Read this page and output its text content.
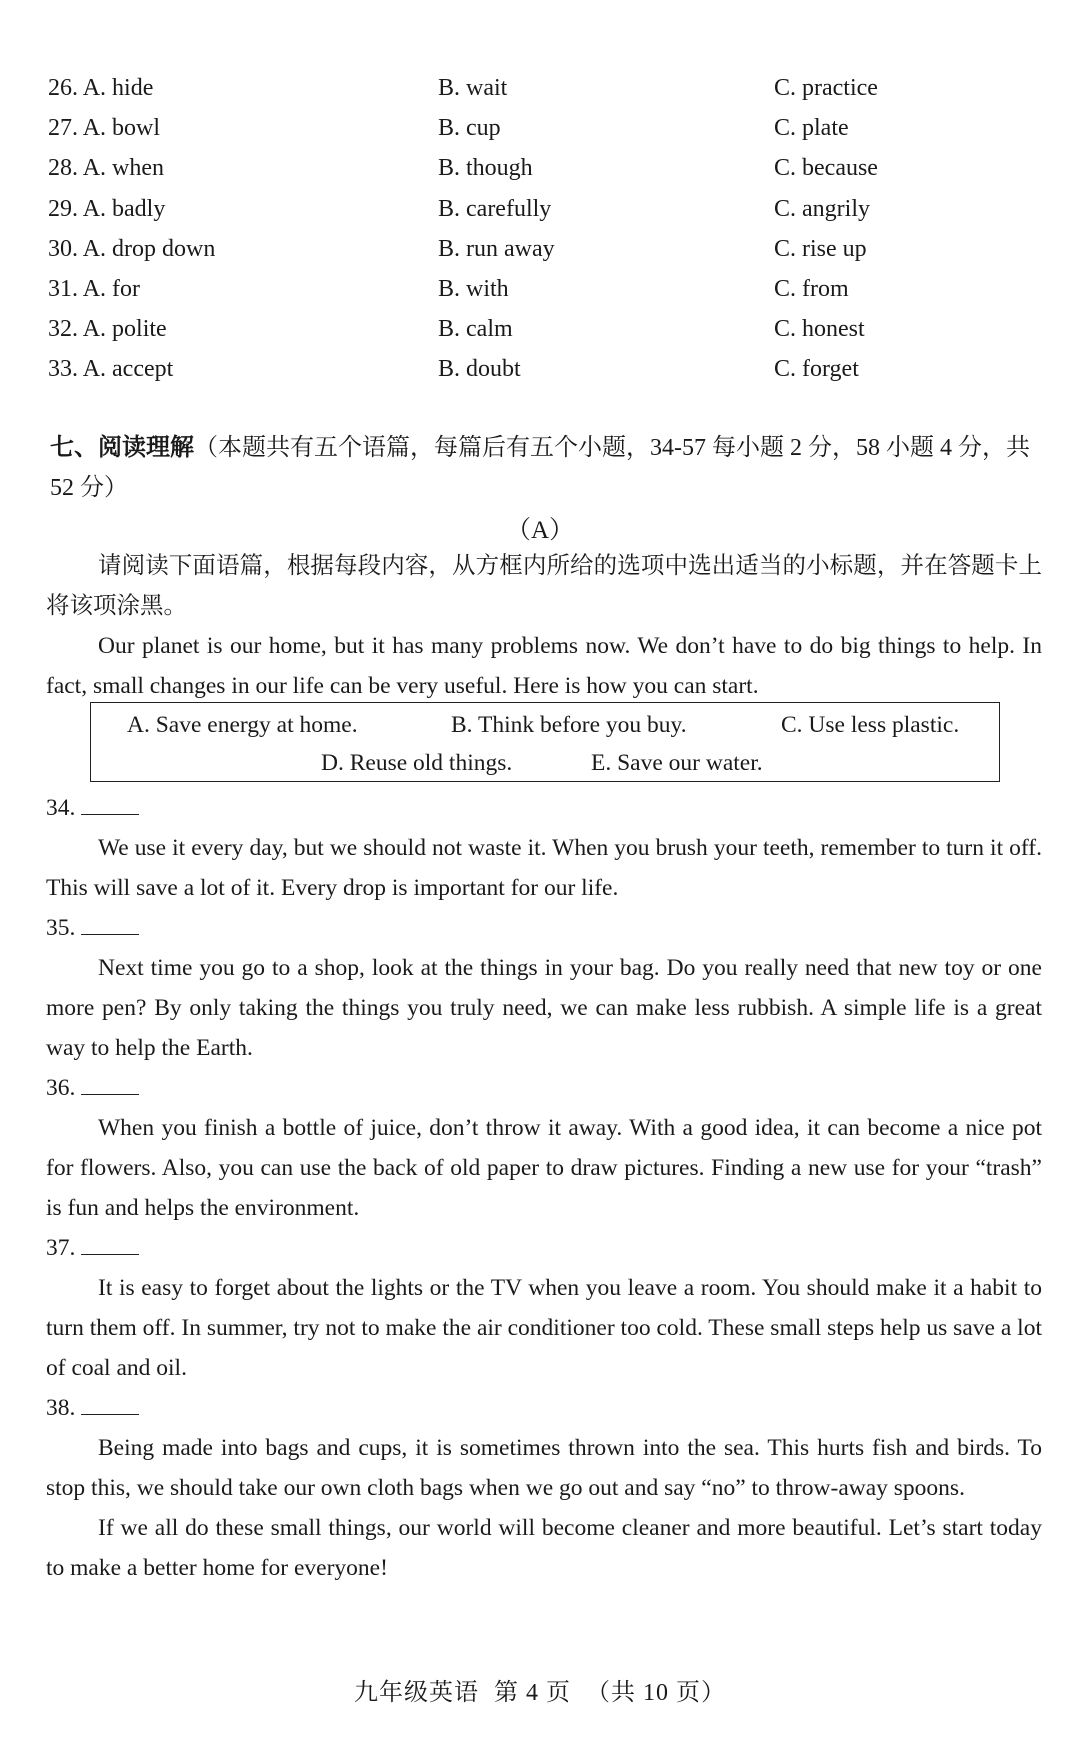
26. A. hide	B. wait	C. practice
27. A. bowl	B. cup	C. plate
28. A. when	B. though	C. because
29. A. badly	B. carefully	C. angrily
30. A. drop down	B. run away	C. rise up
31. A. for	B. with	C. from
32. A. polite	B. calm	C. honest
33. A. accept	B. doubt	C. forget
七、阅读理解（本题共有五个语篇，每篇后有五个小题，34-57 每小题 2 分，58 小题 4 分，共 52 分）
（A）
请阅读下面语篇，根据每段内容，从方框内所给的选项中选出适当的小标题，并在答题卡上将该项涂黑。
Our planet is our home, but it has many problems now. We don’t have to do big things to help. In fact, small changes in our life can be very useful. Here is how you can start.
A. Save energy at home.	B. Think before you buy.	C. Use less plastic.
D. Reuse old things.	E. Save our water.
34.
We use it every day, but we should not waste it. When you brush your teeth, remember to turn it off. This will save a lot of it. Every drop is important for our life.
35.
Next time you go to a shop, look at the things in your bag. Do you really need that new toy or one more pen? By only taking the things you truly need, we can make less rubbish. A simple life is a great way to help the Earth.
36.
When you finish a bottle of juice, don’t throw it away. With a good idea, it can become a nice pot for flowers. Also, you can use the back of old paper to draw pictures. Finding a new use for your “trash” is fun and helps the environment.
37.
It is easy to forget about the lights or the TV when you leave a room. You should make it a habit to turn them off. In summer, try not to make the air conditioner too cold. These small steps help us save a lot of coal and oil.
38.
Being made into bags and cups, it is sometimes thrown into the sea. This hurts fish and birds. To stop this, we should take our own cloth bags when we go out and say “no” to throw-away spoons.
If we all do these small things, our world will become cleaner and more beautiful. Let’s start today to make a better home for everyone!
九年级英语 第 4 页 （共 10 页）
